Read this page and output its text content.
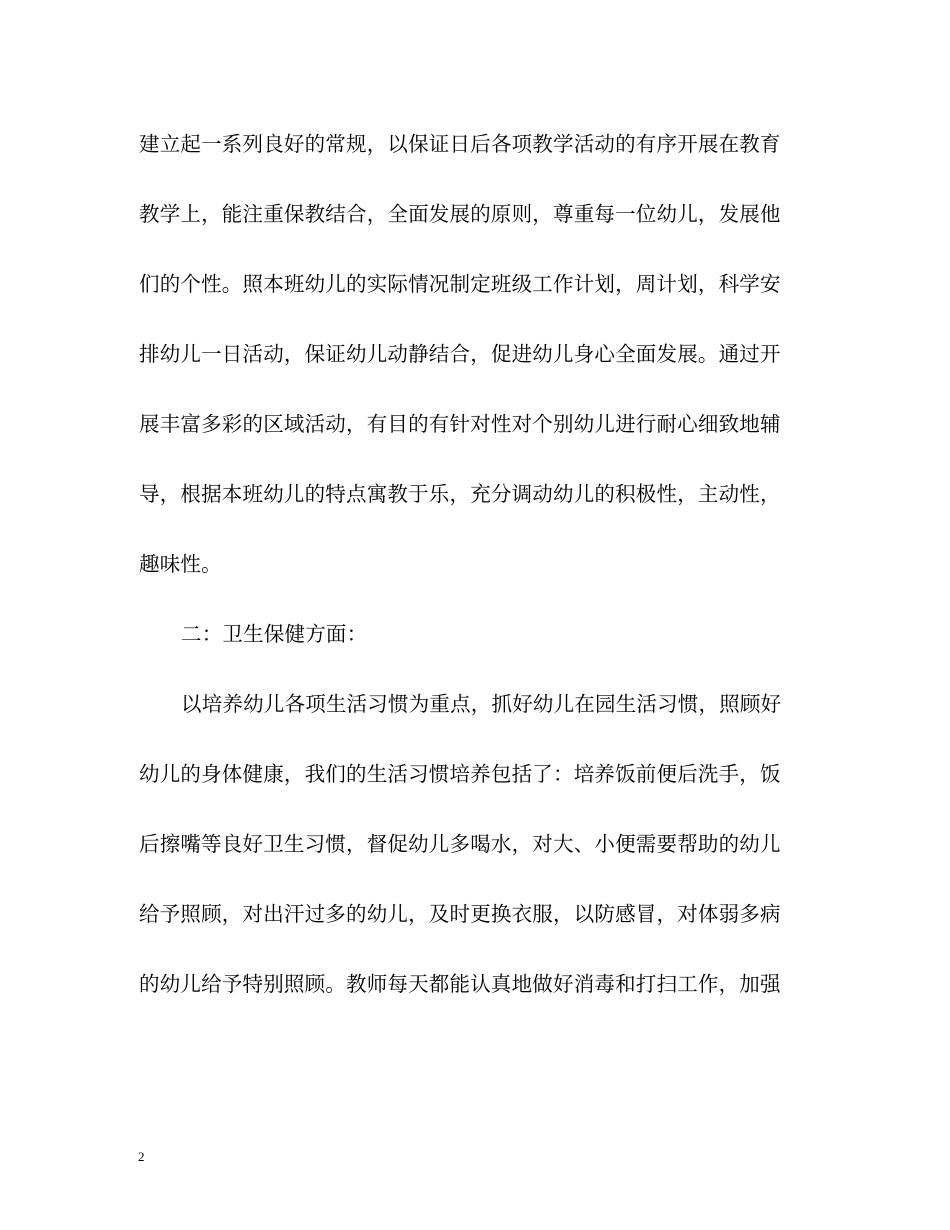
建立起一系列良好的常规，以保证日后各项教学活动的有序开展在教育
教学上，能注重保教结合，全面发展的原则，尊重每一位幼儿，发展他
们的个性。照本班幼儿的实际情况制定班级工作计划，周计划，科学安
排幼儿一日活动，保证幼儿动静结合，促进幼儿身心全面发展。通过开
展丰富多彩的区域活动，有目的有针对性对个别幼儿进行耐心细致地辅
导，根据本班幼儿的特点寓教于乐，充分调动幼儿的积极性，主动性，
趣味性。
二：卫生保健方面：
以培养幼儿各项生活习惯为重点，抓好幼儿在园生活习惯，照顾好
幼儿的身体健康，我们的生活习惯培养包括了：培养饭前便后洗手，饭
后擦嘴等良好卫生习惯，督促幼儿多喝水，对大、小便需要帮助的幼儿
给予照顾，对出汗过多的幼儿，及时更换衣服，以防感冒，对体弱多病
的幼儿给予特别照顾。教师每天都能认真地做好消毒和打扫工作，加强
2
